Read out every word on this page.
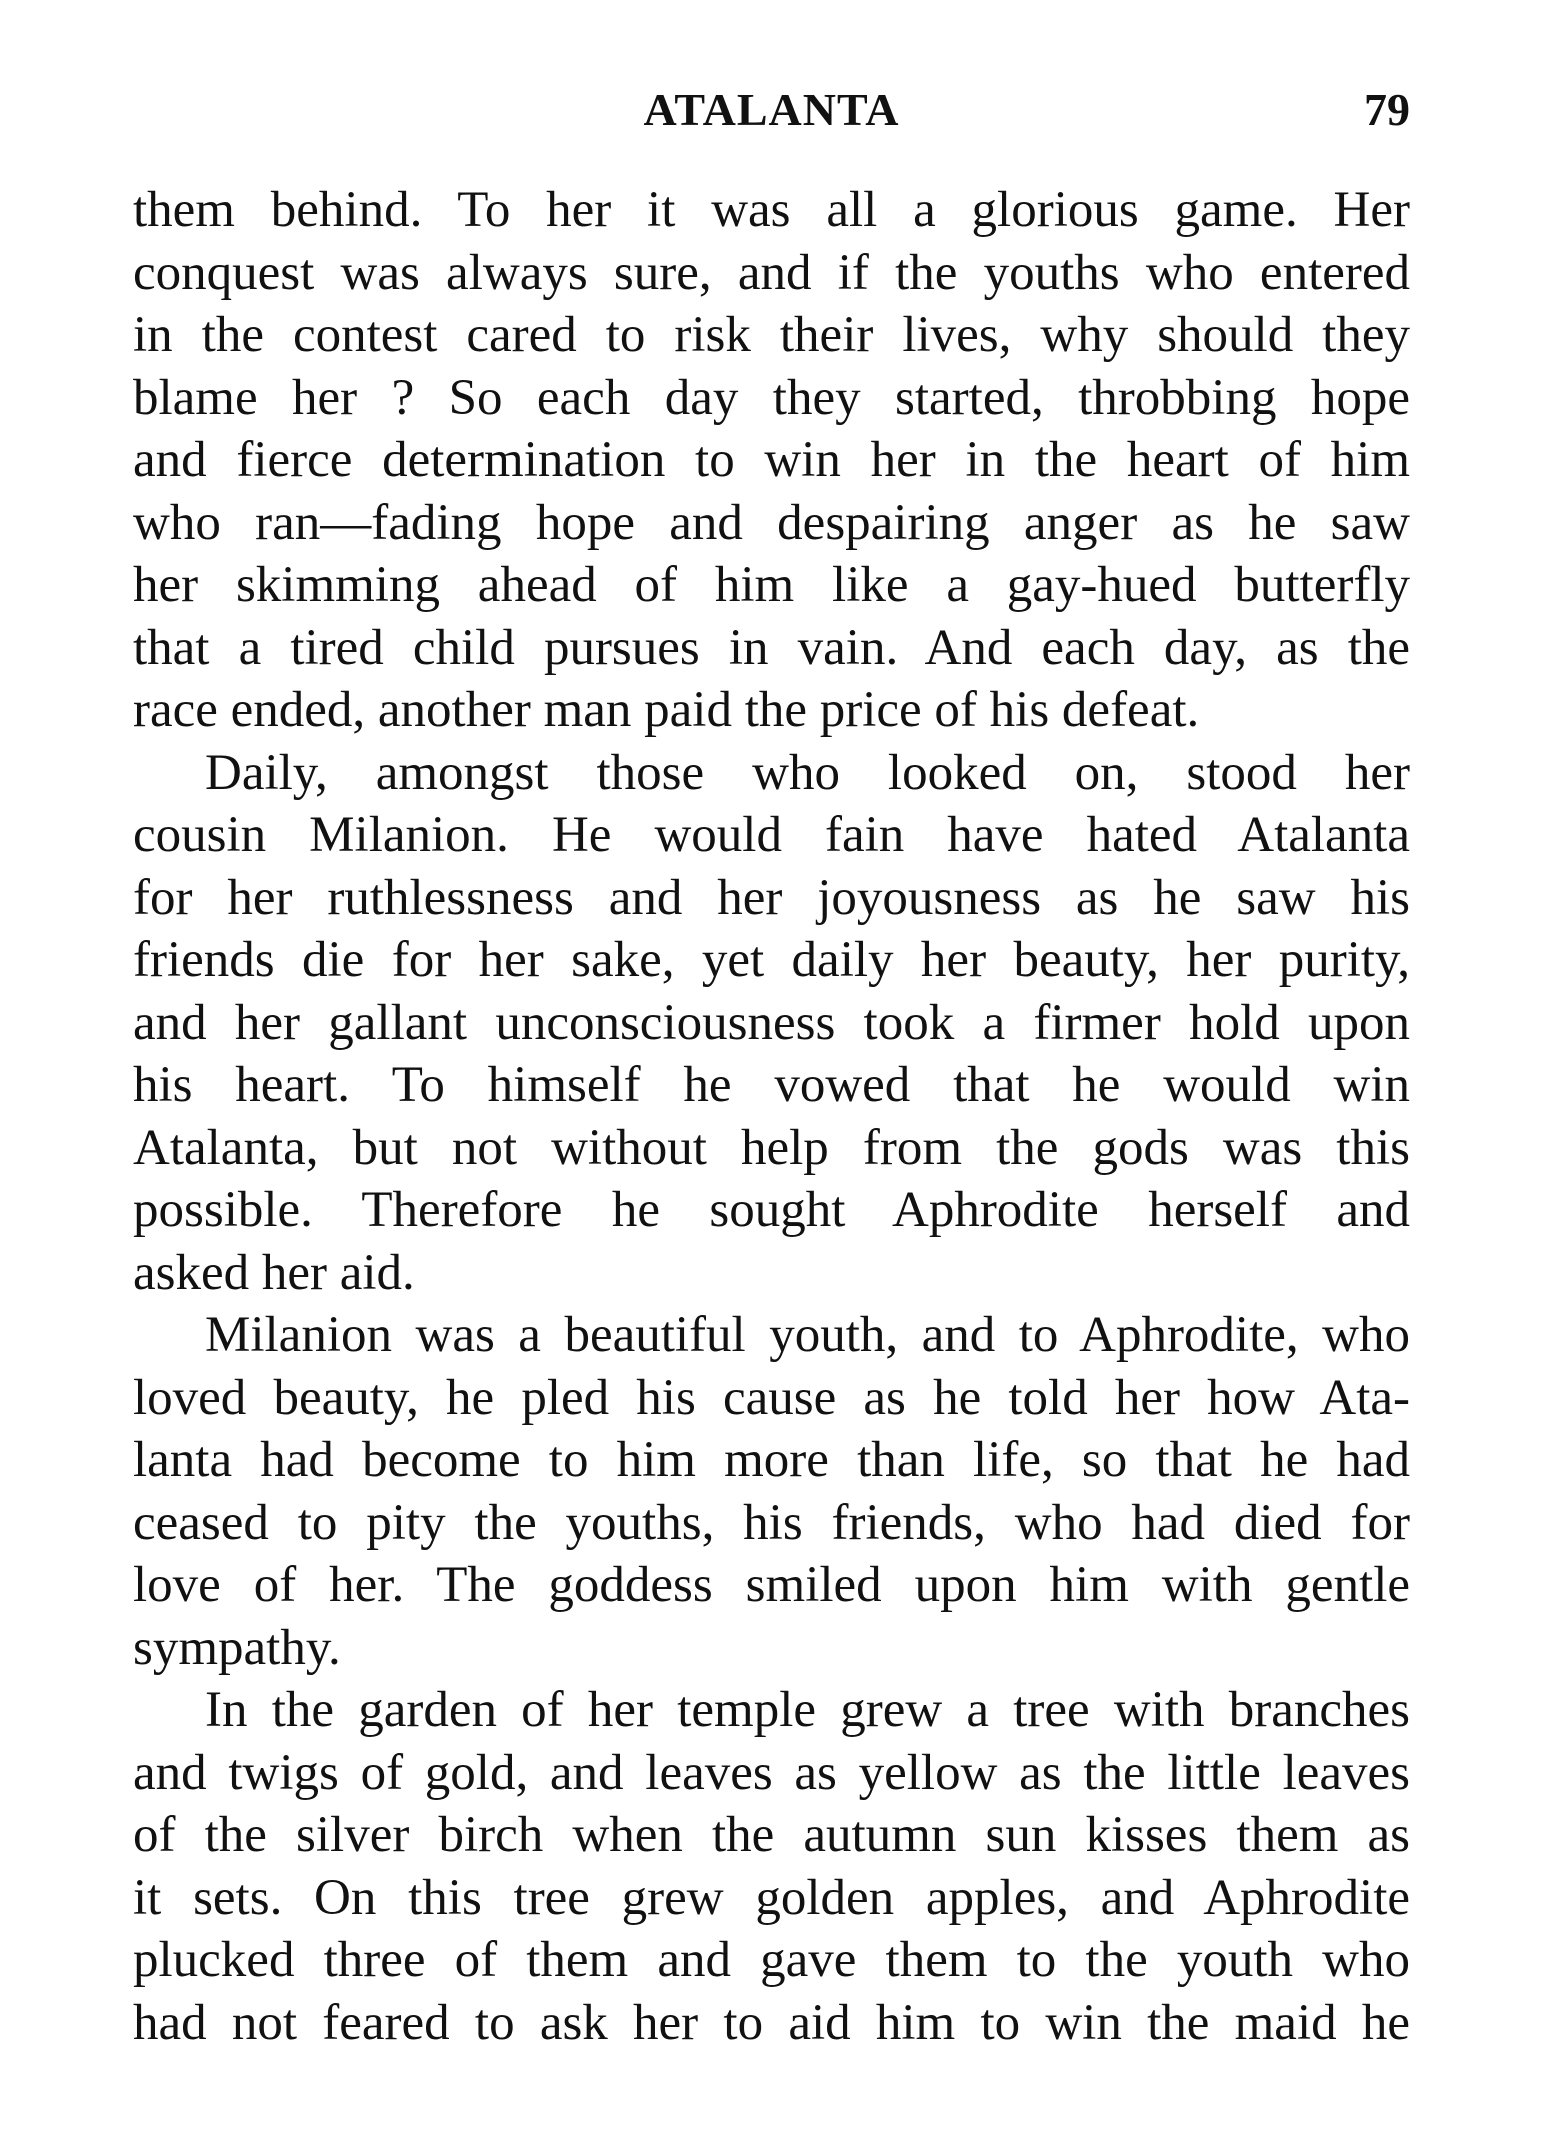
ATALANTA	79
them behind. To her it was all a glorious game. Her
conquest was always sure, and if the youths who entered
in the contest cared to risk their lives, why should they
blame her ? So each day they started, throbbing hope
and fierce determination to win her in the heart of him
who ran—fading hope and despairing anger as he saw
her skimming ahead of him like a gay-hued butterfly
that a tired child pursues in vain. And each day, as the
race ended, another man paid the price of his defeat.
Daily, amongst those who looked on, stood her
cousin Milanion. He would fain have hated Atalanta
for her ruthlessness and her joyousness as he saw his
friends die for her sake, yet daily her beauty, her purity,
and her gallant unconsciousness took a firmer hold upon
his heart. To himself he vowed that he would win
Atalanta, but not without help from the gods was this
possible. Therefore he sought Aphrodite herself and
asked her aid.
Milanion was a beautiful youth, and to Aphrodite, who
loved beauty, he pled his cause as he told her how Ata-
lanta had become to him more than life, so that he had
ceased to pity the youths, his friends, who had died for
love of her. The goddess smiled upon him with gentle
sympathy.
In the garden of her temple grew a tree with branches
and twigs of gold, and leaves as yellow as the little leaves
of the silver birch when the autumn sun kisses them as
it sets. On this tree grew golden apples, and Aphrodite
plucked three of them and gave them to the youth who
had not feared to ask her to aid him to win the maid he
